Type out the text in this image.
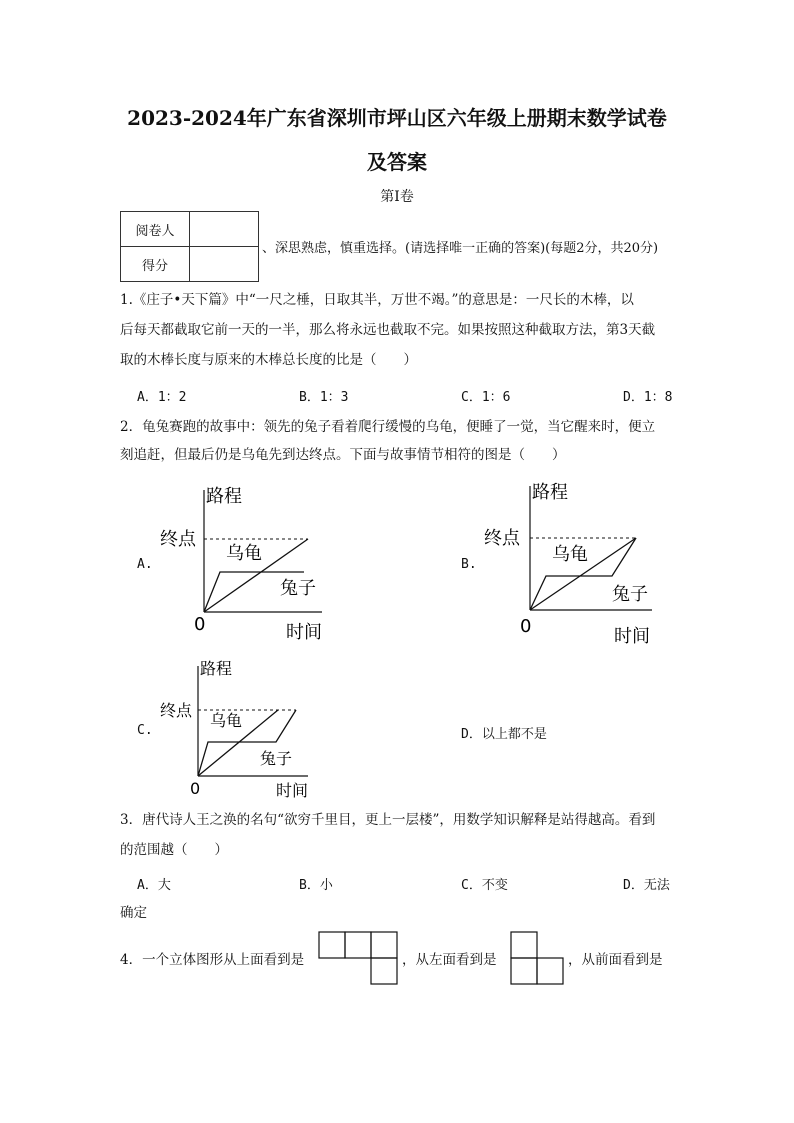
2023-2024年广东省深圳市坪山区六年级上册期末数学试卷
及答案
第I卷
阅卷人	
得分	
、深思熟虑，慎重选择。(请选择唯一正确的答案)(每题2分，共20分)
1.《庄子•天下篇》中“一尺之棰，日取其半，万世不竭。”的意思是：一尺长的木棒，以
后每天都截取它前一天的一半，那么将永远也截取不完。如果按照这种截取方法，第3天截
取的木棒长度与原来的木棒总长度的比是（　　）
A．1：2	B．1：3	C．1：6	D．1：8
2．龟兔赛跑的故事中：领先的兔子看着爬行缓慢的乌龟，便睡了一觉，当它醒来时，便立
刻追赶，但最后仍是乌龟先到达终点。下面与故事情节相符的图是（　　）
A.	B.
C.	D．以上都不是
路程
终点
乌龟
兔子
0	时间
路程
终点
乌龟
兔子
0	时间
路程
终点
乌龟
兔子
0	时间
3．唐代诗人王之涣的名句“欲穷千里目，更上一层楼”，用数学知识解释是站得越高。看到
的范围越（　　）
A．大	B．小	C．不变	D．无法
确定
4．一个立体图形从上面看到是	，从左面看到是	，从前面看到是
